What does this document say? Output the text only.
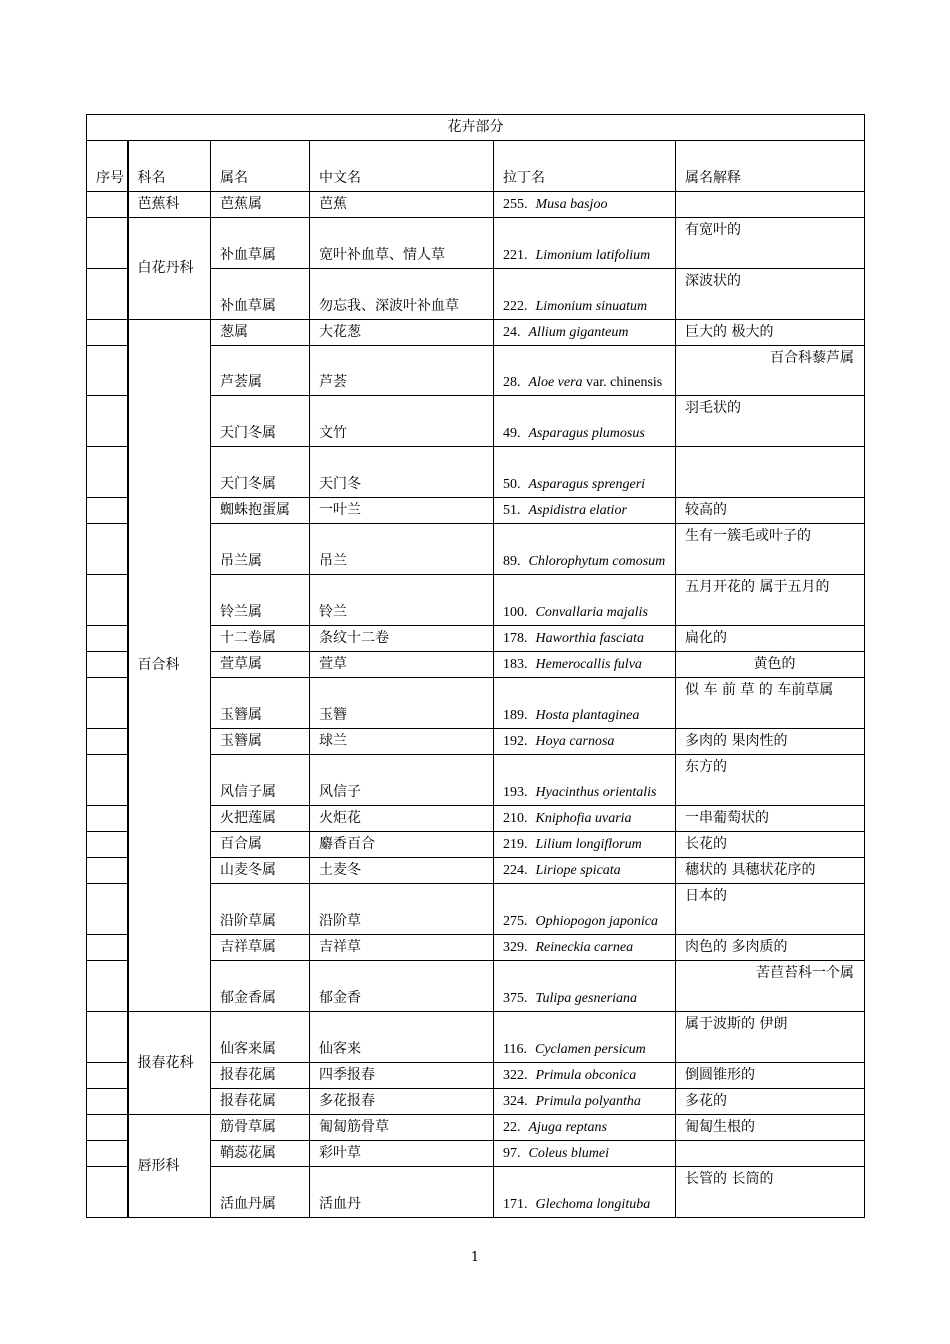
花卉部分					
序号	科名	属名	中文名	拉丁名	属名解释
	芭蕉科	芭蕉属	芭蕉	255. Musa basjoo	
	白花丹科	补血草属	宽叶补血草、情人草	221. Limonium latifolium	有宽叶的
		补血草属	勿忘我、深波叶补血草	222. Limonium sinuatum	深波状的
	百合科	葱属	大花葱	24. Allium giganteum	巨大的 极大的
		芦荟属	芦荟	28. Aloe vera var. chinensis	百合科藜芦属
		天门冬属	文竹	49. Asparagus plumosus	羽毛状的
		天门冬属	天门冬	50. Asparagus sprengeri	
		蜘蛛抱蛋属	一叶兰	51. Aspidistra elatior	较高的
		吊兰属	吊兰	89. Chlorophytum comosum	生有一簇毛或叶子的
		铃兰属	铃兰	100. Convallaria majalis	五月开花的 属于五月的
		十二卷属	条纹十二卷	178. Haworthia fasciata	扁化的
		萱草属	萱草	183. Hemerocallis fulva	黄色的
		玉簪属	玉簪	189. Hosta plantaginea	似 车 前 草 的 车前草属
		玉簪属	球兰	192. Hoya carnosa	多肉的 果肉性的
		风信子属	风信子	193. Hyacinthus orientalis	东方的
		火把莲属	火炬花	210. Kniphofia uvaria	一串葡萄状的
		百合属	麝香百合	219. Lilium longiflorum	长花的
		山麦冬属	土麦冬	224. Liriope spicata	穗状的 具穗状花序的
		沿阶草属	沿阶草	275. Ophiopogon japonica	日本的
		吉祥草属	吉祥草	329. Reineckia carnea	肉色的 多肉质的
		郁金香属	郁金香	375. Tulipa gesneriana	苦苣苔科一个属
	报春花科	仙客来属	仙客来	116. Cyclamen persicum	属于波斯的 伊朗
		报春花属	四季报春	322. Primula obconica	倒圆锥形的
		报春花属	多花报春	324. Primula polyantha	多花的
	唇形科	筋骨草属	匍匐筋骨草	22. Ajuga reptans	匍匐生根的
		鞘蕊花属	彩叶草	97. Coleus blumei	
		活血丹属	活血丹	171. Glechoma longituba	长管的 长筒的
1
